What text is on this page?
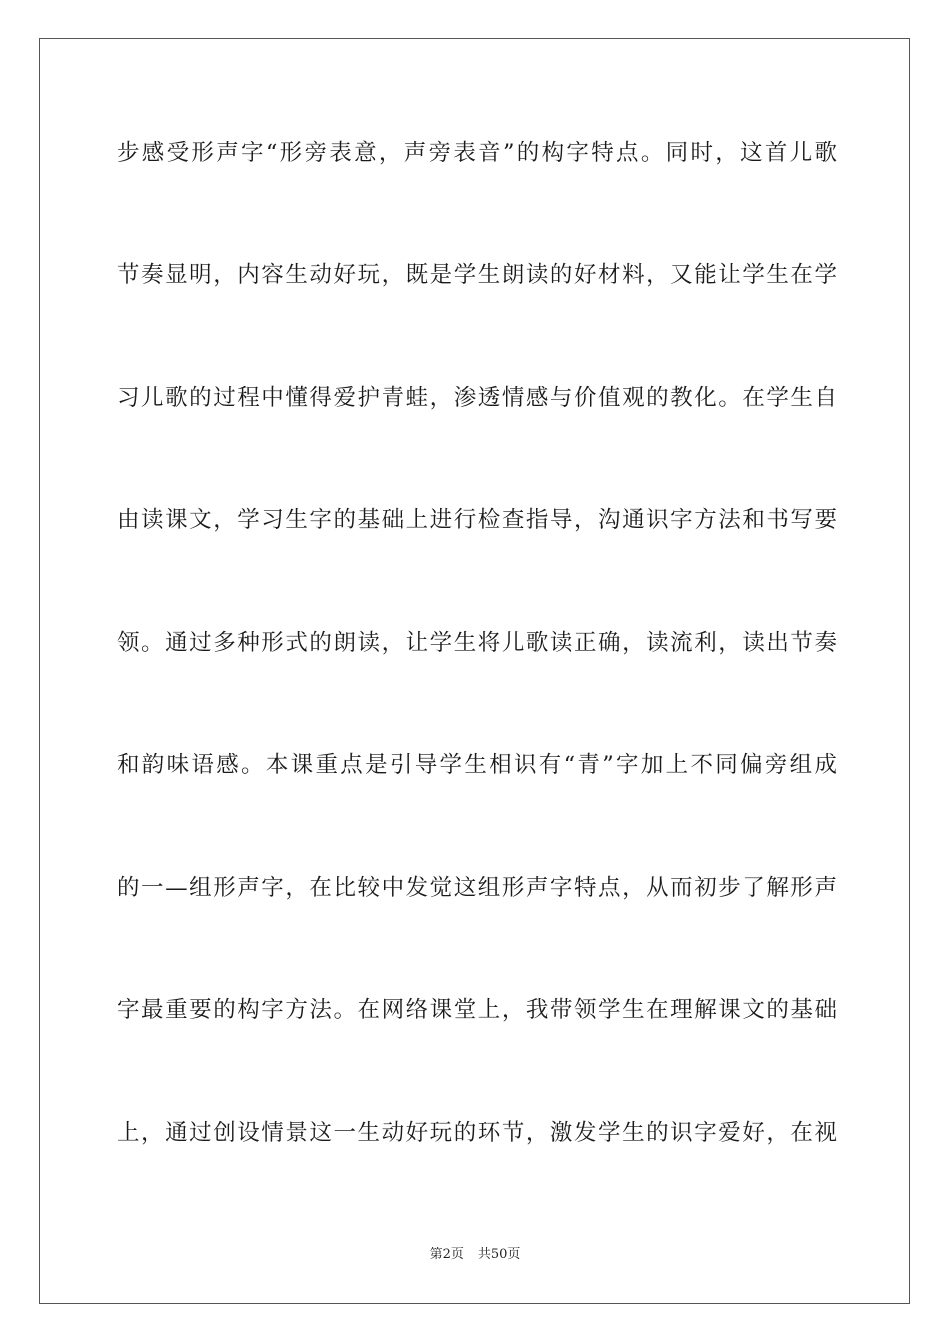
步感受形声字“形旁表意，声旁表音”的构字特点。同时，这首儿歌
节奏显明，内容生动好玩，既是学生朗读的好材料，又能让学生在学
习儿歌的过程中懂得爱护青蛙，渗透情感与价值观的教化。在学生自
由读课文，学习生字的基础上进行检查指导，沟通识字方法和书写要
领。通过多种形式的朗读，让学生将儿歌读正确，读流利，读出节奏
和韵味语感。本课重点是引导学生相识有“青”字加上不同偏旁组成
的一—组形声字，在比较中发觉这组形声字特点，从而初步了解形声
字最重要的构字方法。在网络课堂上，我带领学生在理解课文的基础
上，通过创设情景这一生动好玩的环节，激发学生的识字爱好，在视
第2页 共50页
